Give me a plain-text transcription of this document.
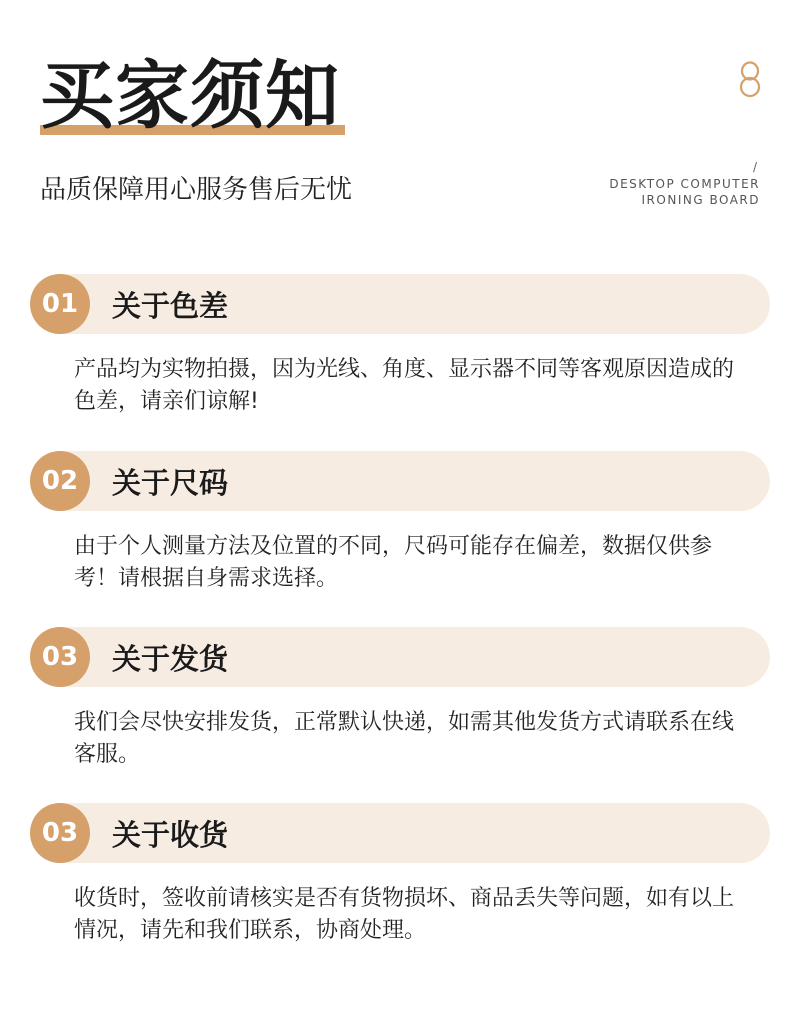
买家须知

品质保障用心服务售后无忧

/
DESKTOP COMPUTER
IRONING BOARD
01	关于色差

产品均为实物拍摄，因为光线、角度、显示器不同等客观原因造成的色差，请亲们谅解!

02	关于尺码

由于个人测量方法及位置的不同，尺码可能存在偏差，数据仅供参考！请根据自身需求选择。

03	关于发货

我们会尽快安排发货，正常默认快递，如需其他发货方式请联系在线客服。

03	关于收货

收货时，签收前请核实是否有货物损坏、商品丢失等问题，如有以上情况，请先和我们联系，协商处理。
